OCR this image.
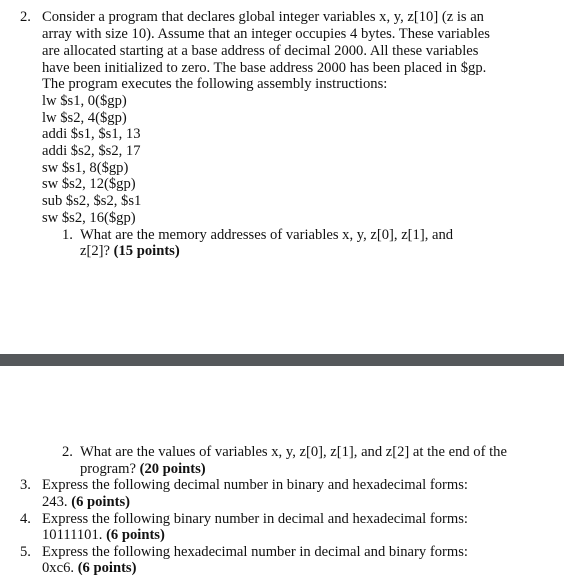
2. Consider a program that declares global integer variables x, y, z[10] (z is an
array with size 10). Assume that an integer occupies 4 bytes. These variables
are allocated starting at a base address of decimal 2000. All these variables
have been initialized to zero. The base address 2000 has been placed in $gp.
The program executes the following assembly instructions:
lw $s1, 0($gp)
lw $s2, 4($gp)
addi $s1, $s1, 13
addi $s2, $s2, 17
sw $s1, 8($gp)
sw $s2, 12($gp)
sub $s2, $s2, $s1
sw $s2, 16($gp)
1. What are the memory addresses of variables x, y, z[0], z[1], and
z[2]? (15 points)
2. What are the values of variables x, y, z[0], z[1], and z[2] at the end of the
program? (20 points)
3. Express the following decimal number in binary and hexadecimal forms:
243. (6 points)
4. Express the following binary number in decimal and hexadecimal forms:
10111101. (6 points)
5. Express the following hexadecimal number in decimal and binary forms:
0xc6. (6 points)
